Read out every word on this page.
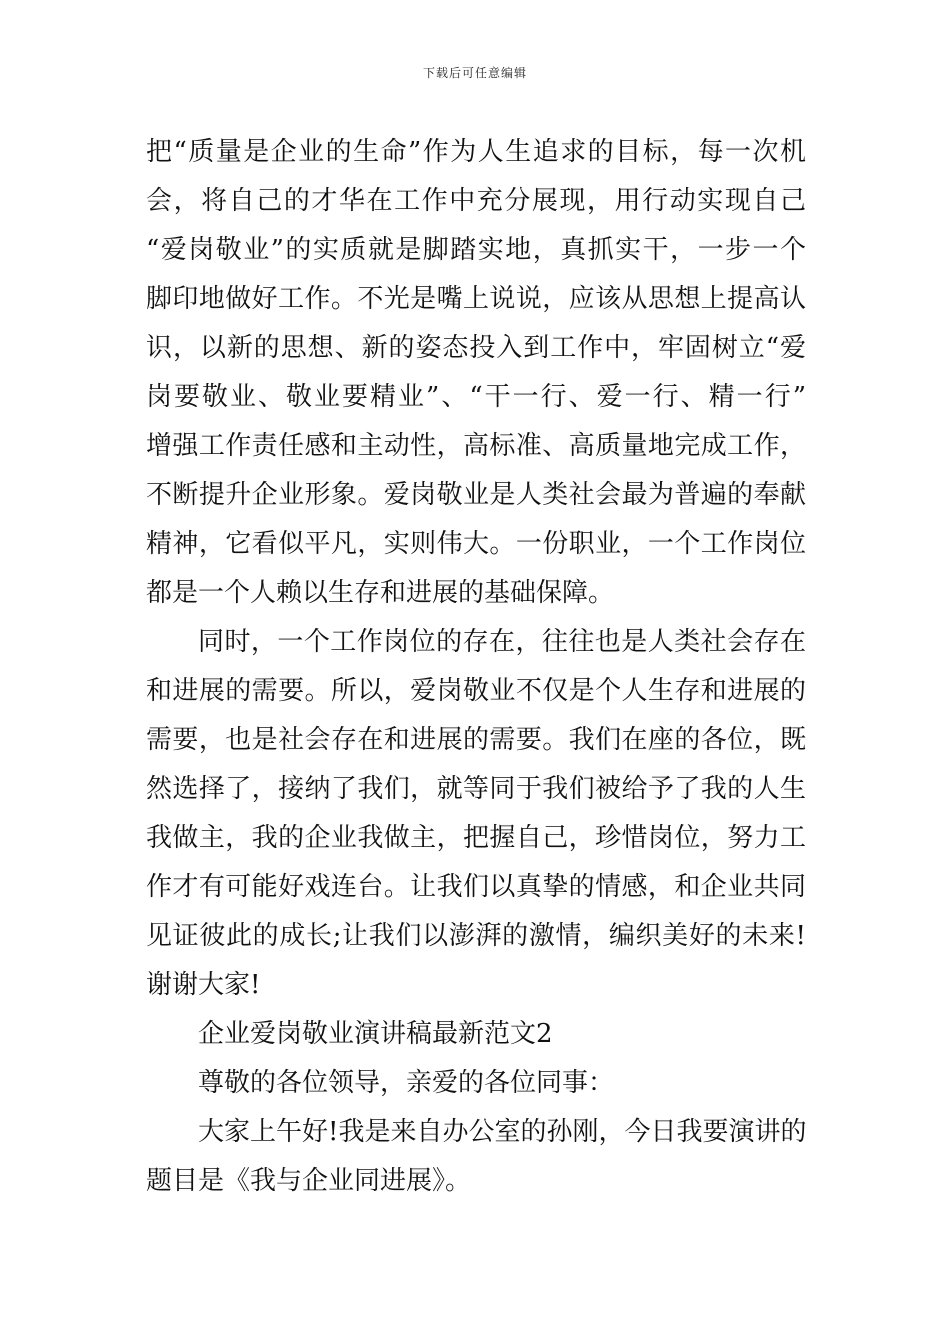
下载后可任意编辑
把“质量是企业的生命”作为人生追求的目标，每一次机
会，将自己的才华在工作中充分展现，用行动实现自己
“爱岗敬业”的实质就是脚踏实地，真抓实干，一步一个
脚印地做好工作。不光是嘴上说说，应该从思想上提高认
识，以新的思想、新的姿态投入到工作中，牢固树立“爱
岗要敬业、敬业要精业”、“干一行、爱一行、精一行”
增强工作责任感和主动性，高标准、高质量地完成工作，
不断提升企业形象。爱岗敬业是人类社会最为普遍的奉献
精神，它看似平凡，实则伟大。一份职业，一个工作岗位
都是一个人赖以生存和进展的基础保障。
同时，一个工作岗位的存在，往往也是人类社会存在
和进展的需要。所以，爱岗敬业不仅是个人生存和进展的
需要，也是社会存在和进展的需要。我们在座的各位，既
然选择了，接纳了我们，就等同于我们被给予了我的人生
我做主，我的企业我做主，把握自己，珍惜岗位，努力工
作才有可能好戏连台。让我们以真挚的情感，和企业共同
见证彼此的成长;让我们以澎湃的激情，编织美好的未来!
谢谢大家!
企业爱岗敬业演讲稿最新范文2
尊敬的各位领导，亲爱的各位同事：
大家上午好!我是来自办公室的孙刚，今日我要演讲的
题目是《我与企业同进展》。
